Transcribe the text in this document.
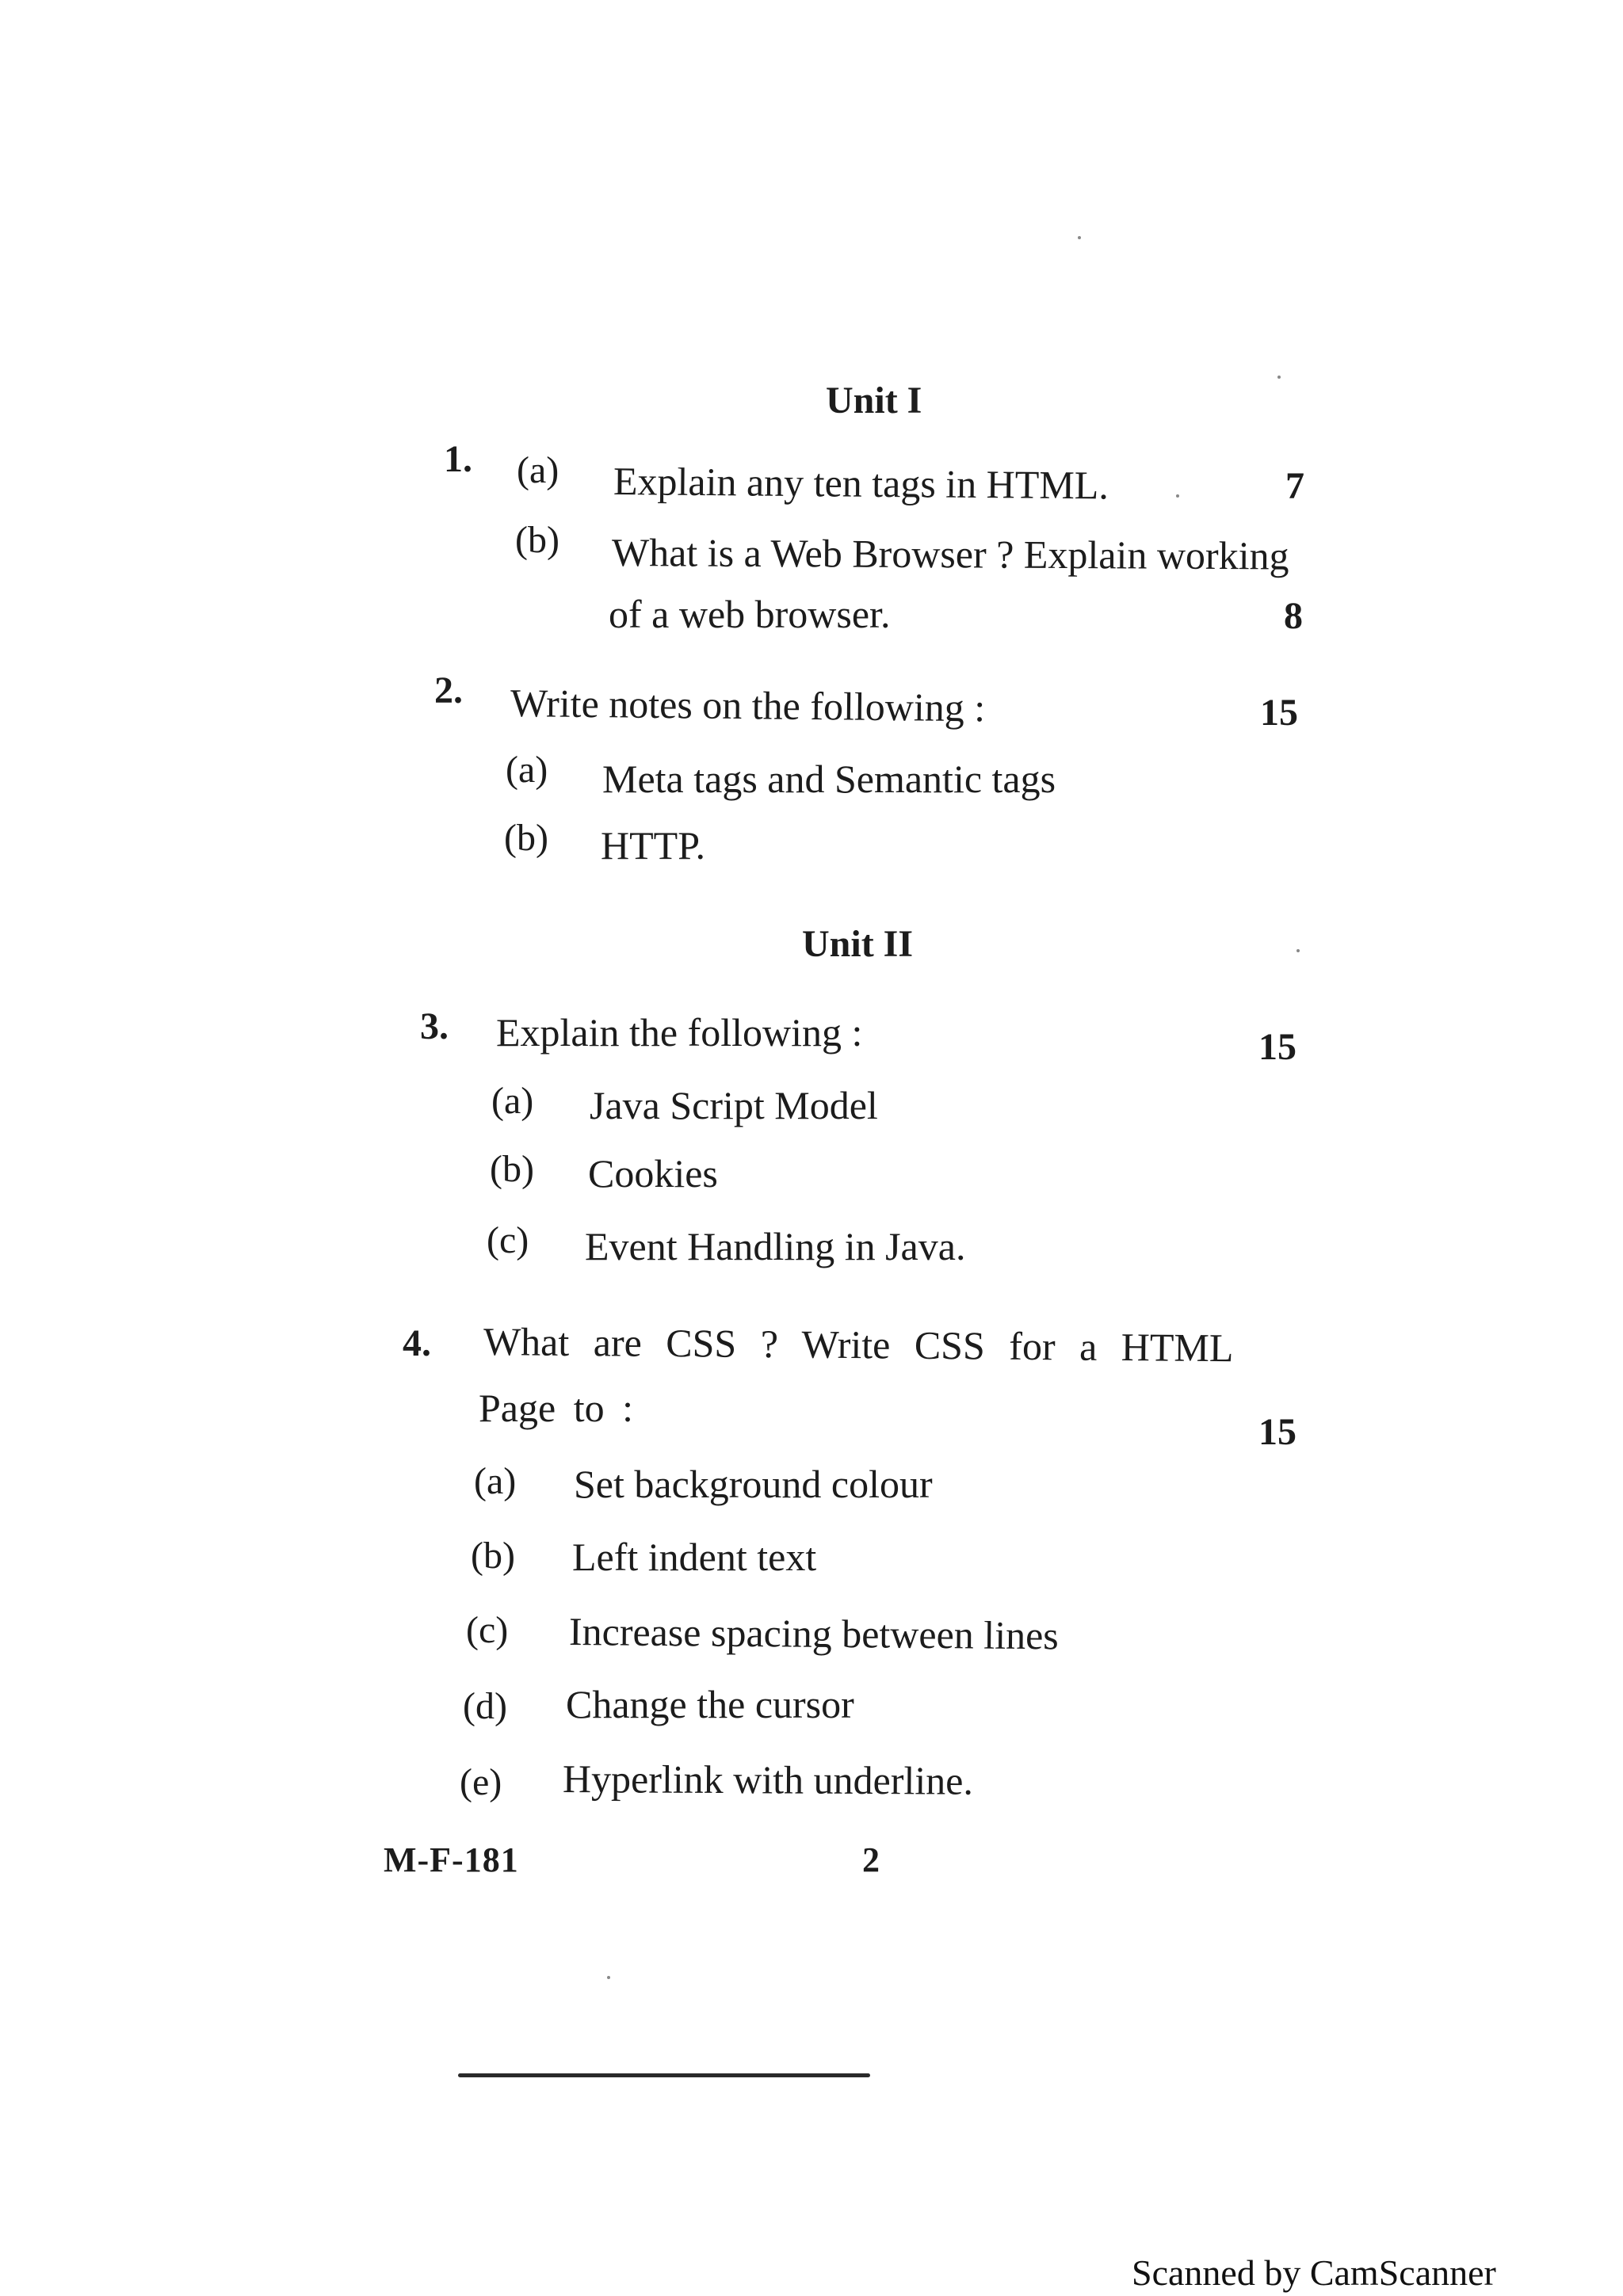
Unit I
1. (a) Explain any ten tags in HTML.	7
(b) What is a Web Browser ? Explain working
of a web browser.	8
2. Write notes on the following :	15
(a) Meta tags and Semantic tags
(b) HTTP.
Unit II
3. Explain the following :	15
(a) Java Script Model
(b) Cookies
(c) Event Handling in Java.
4. What are CSS ? Write CSS for a HTML
Page to :
15
(a) Set background colour
(b) Left indent text
(c) Increase spacing between lines
(d) Change the cursor
(e) Hyperlink with underline.
M-F-181	2
Scanned by CamScanner
